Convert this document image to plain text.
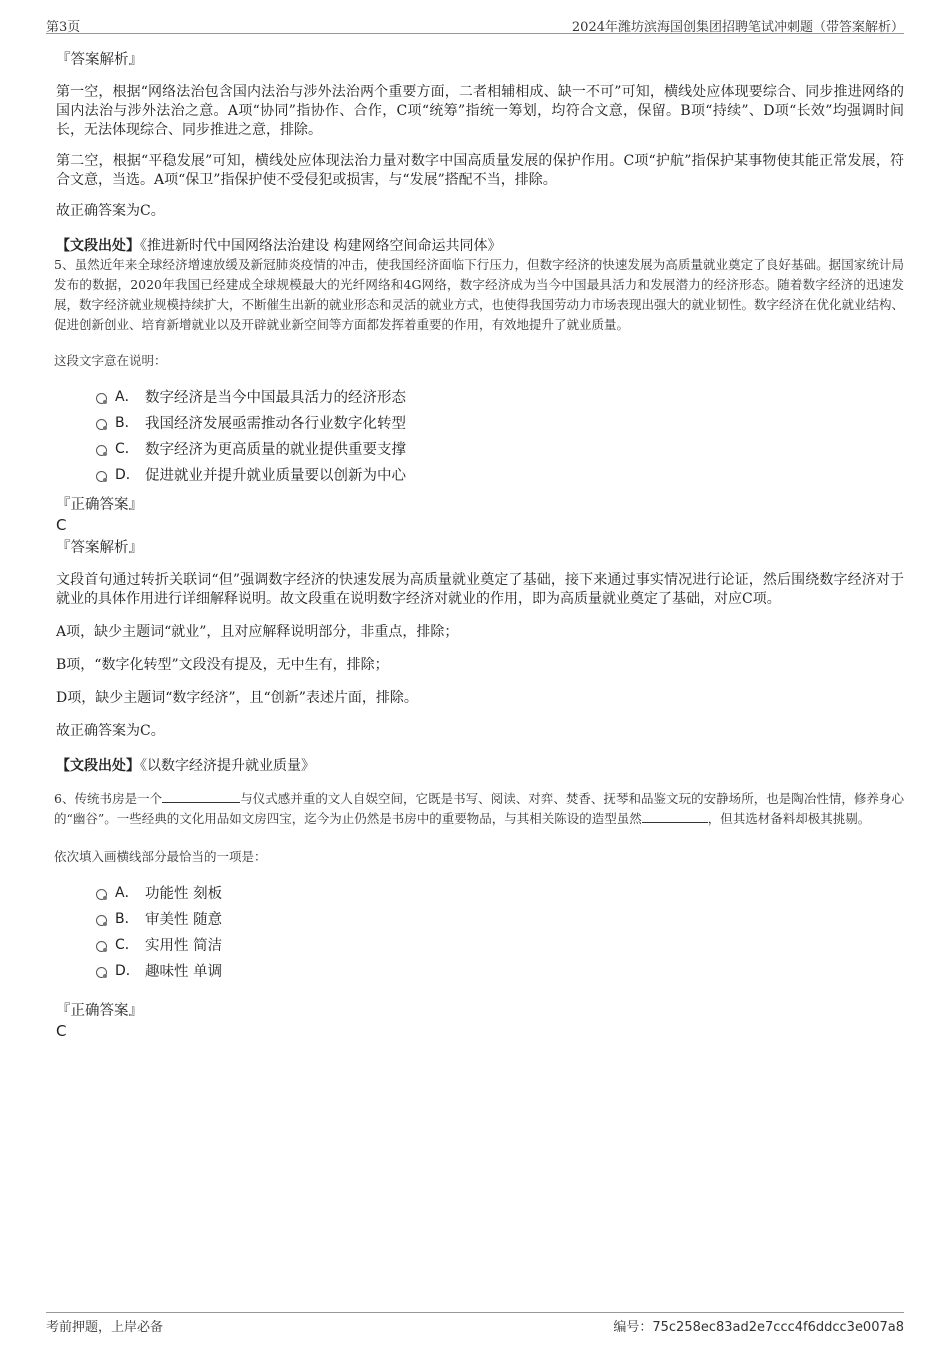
第3页	2024年潍坊滨海国创集团招聘笔试冲刺题（带答案解析）
『答案解析』

第一空，根据“网络法治包含国内法治与涉外法治两个重要方面，二者相辅相成、缺一不可”可知，横线处应体现要综合、同步推进网络的国内法治与涉外法治之意。A项“协同”指协作、合作，C项“统筹”指统一筹划，均符合文意，保留。B项“持续”、D项“长效”均强调时间长，无法体现综合、同步推进之意，排除。

第二空，根据“平稳发展”可知，横线处应体现法治力量对数字中国高质量发展的保护作用。C项“护航”指保护某事物使其能正常发展，符合文意，当选。A项“保卫”指保护使不受侵犯或损害，与“发展”搭配不当，排除。

故正确答案为C。

【文段出处】《推进新时代中国网络法治建设 构建网络空间命运共同体》

5、虽然近年来全球经济增速放缓及新冠肺炎疫情的冲击，使我国经济面临下行压力，但数字经济的快速发展为高质量就业奠定了良好基础。据国家统计局发布的数据，2020年我国已经建成全球规模最大的光纤网络和4G网络，数字经济成为当今中国最具活力和发展潜力的经济形态。随着数字经济的迅速发展，数字经济就业规模持续扩大，不断催生出新的就业形态和灵活的就业方式，也使得我国劳动力市场表现出强大的就业韧性。数字经济在优化就业结构、促进创新创业、培育新增就业以及开辟就业新空间等方面都发挥着重要的作用，有效地提升了就业质量。

这段文字意在说明：

A． 数字经济是当今中国最具活力的经济形态
B． 我国经济发展亟需推动各行业数字化转型
C． 数字经济为更高质量的就业提供重要支撑
D． 促进就业并提升就业质量要以创新为中心
『正确答案』
C
『答案解析』

文段首句通过转折关联词“但”强调数字经济的快速发展为高质量就业奠定了基础，接下来通过事实情况进行论证，然后围绕数字经济对于就业的具体作用进行详细解释说明。故文段重在说明数字经济对就业的作用，即为高质量就业奠定了基础，对应C项。

A项，缺少主题词“就业”，且对应解释说明部分，非重点，排除；

B项，“数字化转型”文段没有提及，无中生有，排除；

D项，缺少主题词“数字经济”，且“创新”表述片面，排除。

故正确答案为C。

【文段出处】《以数字经济提升就业质量》

6、传统书房是一个	与仪式感并重的文人自娱空间，它既是书写、阅读、对弈、焚香、抚琴和品鉴文玩的安静场所，也是陶冶性情，修养身心的“幽谷”。一些经典的文化用品如文房四宝，迄今为止仍然是书房中的重要物品，与其相关陈设的造型虽然	，但其选材备料却极其挑剔。

依次填入画横线部分最恰当的一项是：

A． 功能性 刻板
B． 审美性 随意
C． 实用性 简洁
D． 趣味性 单调
『正确答案』
C
考前押题，上岸必备	编号：75c258ec83ad2e7ccc4f6ddcc3e007a8
